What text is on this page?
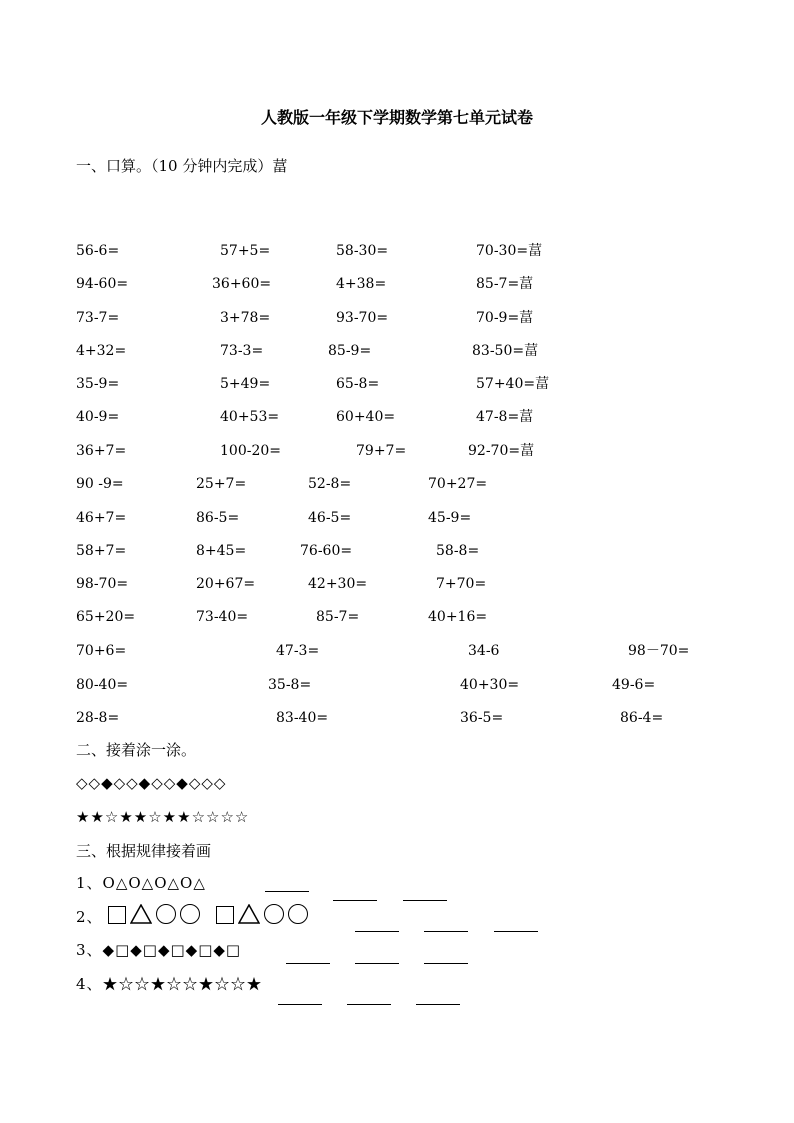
人教版一年级下学期数学第七单元试卷
一、口算。（10 分钟内完成）葍
56-6=	57+5=	58-30=	70-30=葍
94-60=	36+60=	4+38=	85-7=葍
73-7=	3+78=	93-70=	70-9=葍
4+32=	73-3=	85-9=	83-50=葍
35-9=	5+49=	65-8=	57+40=葍
40-9=	40+53=	60+40=	47-8=葍
36+7=	100-20=	79+7=	92-70=葍
90 -9=	25+7=	52-8=	70+27=
46+7=	86-5=	46-5=	45-9=
58+7=	8+45=	76-60=	58-8=
98-70=	20+67=	42+30=	7+70=
65+20=	73-40=	85-7=	40+16=
70+6=	47-3=	34-6	98－70=
80-40=	35-8=	40+30=	49-6=
28-8=	83-40=	36-5=	86-4=
二、接着涂一涂。
◇◇◆◇◇◆◇◇◆◇◇◇
★★☆★★☆★★☆☆☆☆
三、根据规律接着画
1、O△O△O△O△
2、
3、◆□◆□◆□◆□◆□
4、★☆☆★☆☆★☆☆★
